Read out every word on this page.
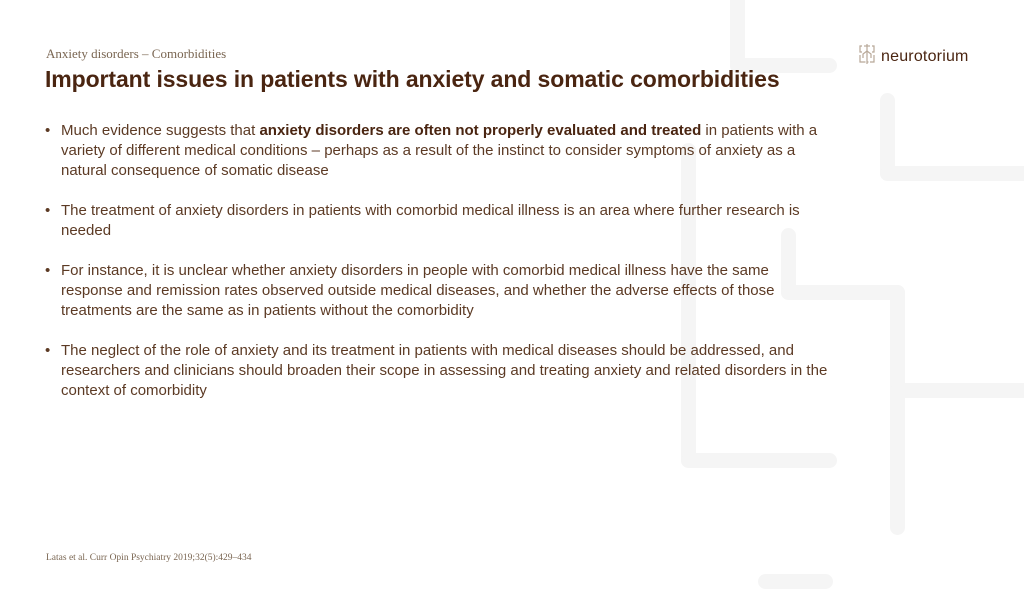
Anxiety disorders – Comorbidities
Important issues in patients with anxiety and somatic comorbidities
neurotorium
• Much evidence suggests that anxiety disorders are often not properly evaluated and treated in patients with a variety of different medical conditions – perhaps as a result of the instinct to consider symptoms of anxiety as a natural consequence of somatic disease
• The treatment of anxiety disorders in patients with comorbid medical illness is an area where further research is needed
• For instance, it is unclear whether anxiety disorders in people with comorbid medical illness have the same response and remission rates observed outside medical diseases, and whether the adverse effects of those treatments are the same as in patients without the comorbidity
• The neglect of the role of anxiety and its treatment in patients with medical diseases should be addressed, and researchers and clinicians should broaden their scope in assessing and treating anxiety and related disorders in the context of comorbidity
Latas et al. Curr Opin Psychiatry 2019;32(5):429–434
